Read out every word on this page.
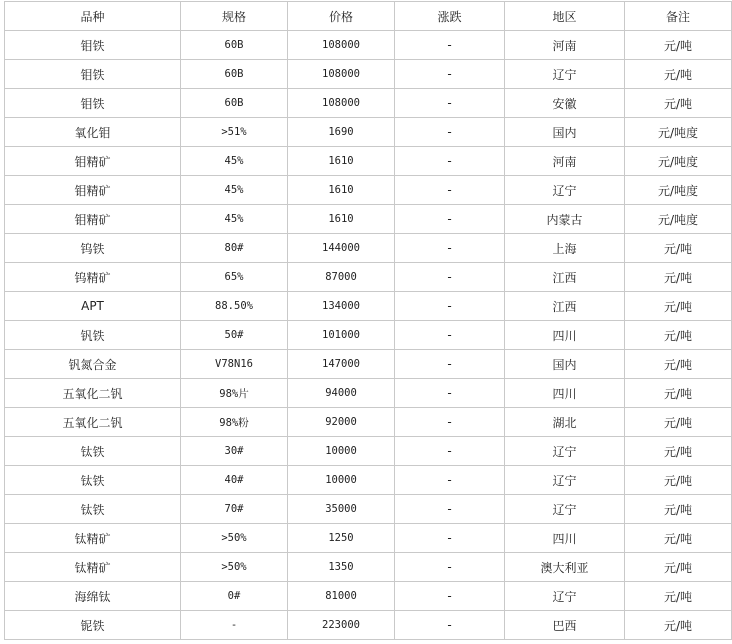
品种	规格	价格	涨跌	地区	备注
钼铁	60B	108000	-	河南	元/吨
钼铁	60B	108000	-	辽宁	元/吨
钼铁	60B	108000	-	安徽	元/吨
氧化钼	>51%	1690	-	国内	元/吨度
钼精矿	45%	1610	-	河南	元/吨度
钼精矿	45%	1610	-	辽宁	元/吨度
钼精矿	45%	1610	-	内蒙古	元/吨度
钨铁	80#	144000	-	上海	元/吨
钨精矿	65%	87000	-	江西	元/吨
APT	88.50%	134000	-	江西	元/吨
钒铁	50#	101000	-	四川	元/吨
钒氮合金	V78N16	147000	-	国内	元/吨
五氧化二钒	98%片	94000	-	四川	元/吨
五氧化二钒	98%粉	92000	-	湖北	元/吨
钛铁	30#	10000	-	辽宁	元/吨
钛铁	40#	10000	-	辽宁	元/吨
钛铁	70#	35000	-	辽宁	元/吨
钛精矿	>50%	1250	-	四川	元/吨
钛精矿	>50%	1350	-	澳大利亚	元/吨
海绵钛	0#	81000	-	辽宁	元/吨
铌铁	-	223000	-	巴西	元/吨
